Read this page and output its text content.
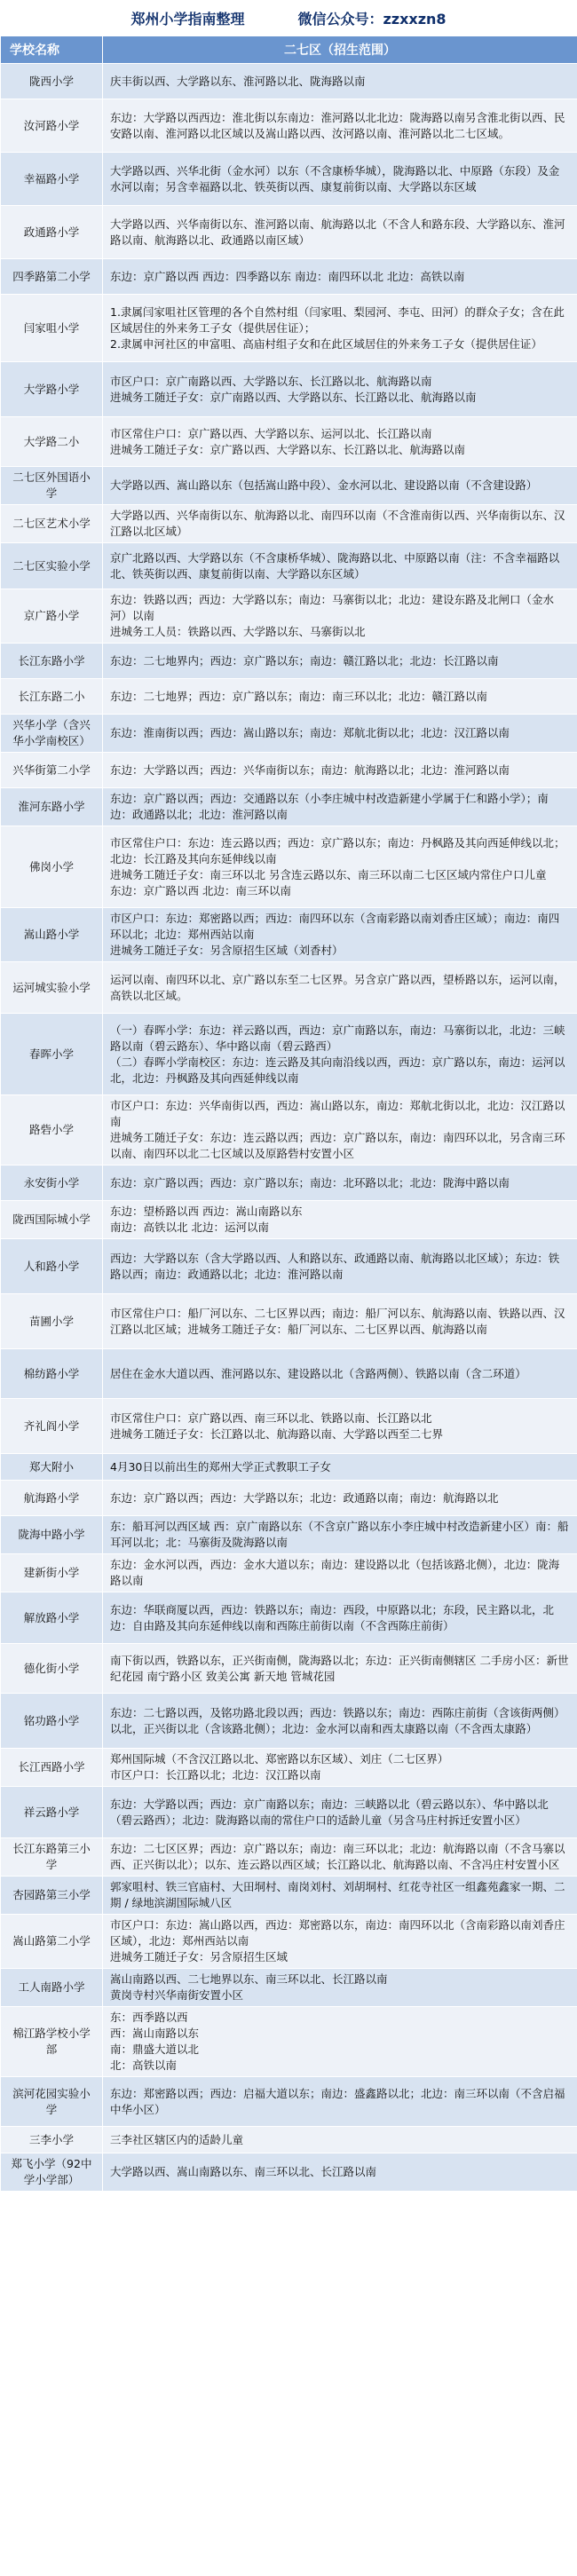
郑州小学指南整理	微信公众号：zzxxzn8
学校名称	二七区（招生范围）
陇西小学	庆丰街以西、大学路以东、淮河路以北、陇海路以南
汝河路小学	东边：大学路以西西边：淮北街以东南边：淮河路以北北边：陇海路以南另含淮北街以西、民安路以南、淮河路以北区域以及嵩山路以西、汝河路以南、淮河路以北二七区域。
幸福路小学	大学路以西、兴华北街（金水河）以东（不含康桥华城），陇海路以北、中原路（东段）及金水河以南；另含幸福路以北、铁英街以西、康复前街以南、大学路以东区域
政通路小学	大学路以西、兴华南街以东、淮河路以南、航海路以北（不含人和路东段、大学路以东、淮河路以南、航海路以北、政通路以南区域）
四季路第二小学	东边：京广路以西 西边：四季路以东 南边：南四环以北 北边：高铁以南
闫家咀小学	1.隶属闫家咀社区管理的各个自然村组（闫家咀、梨园河、李屯、田河）的群众子女；含在此区域居住的外来务工子女（提供居住证）；
2.隶属申河社区的申富咀、高庙村组子女和在此区域居住的外来务工子女（提供居住证）
大学路小学	市区户口：京广南路以西、大学路以东、长江路以北、航海路以南
进城务工随迁子女：京广南路以西、大学路以东、长江路以北、航海路以南
大学路二小	市区常住户口：京广路以西、大学路以东、运河以北、长江路以南
进城务工随迁子女：京广路以西、大学路以东、长江路以北、航海路以南
二七区外国语小学	大学路以西、嵩山路以东（包括嵩山路中段）、金水河以北、建设路以南（不含建设路）
二七区艺术小学	大学路以西、兴华南街以东、航海路以北、南四环以南（不含淮南街以西、兴华南街以东、汉江路以北区域）
二七区实验小学	京广北路以西、大学路以东（不含康桥华城）、陇海路以北、中原路以南（注：不含幸福路以北、铁英街以西、康复前街以南、大学路以东区域）
京广路小学	东边：铁路以西；西边：大学路以东；南边：马寨街以北；北边：建设东路及北闸口（金水河）以南
进城务工人员：铁路以西、大学路以东、马寨街以北
长江东路小学	东边：二七地界内；西边：京广路以东；南边：赣江路以北；北边：长江路以南
长江东路二小	东边：二七地界；西边：京广路以东；南边：南三环以北；北边：赣江路以南
兴华小学（含兴华小学南校区）	东边：淮南街以西；西边：嵩山路以东；南边：郑航北街以北；北边：汉江路以南
兴华街第二小学	东边：大学路以西；西边：兴华南街以东；南边：航海路以北；北边：淮河路以南
淮河东路小学	东边：京广路以西；西边：交通路以东（小李庄城中村改造新建小学属于仁和路小学）；南边：政通路以北；北边：淮河路以南
佛岗小学	市区常住户口：东边：连云路以西；西边：京广路以东；南边：丹枫路及其向西延伸线以北；北边：长江路及其向东延伸线以南
进城务工随迁子女：南三环以北 另含连云路以东、南三环以南二七区区域内常住户口儿童
东边：京广路以西 北边：南三环以南
嵩山路小学	市区户口：东边：郑密路以西；西边：南四环以东（含南彩路以南刘香庄区域）；南边：南四环以北；北边：郑州西站以南
进城务工随迁子女：另含原招生区域（刘香村）
运河城实验小学	运河以南、南四环以北、京广路以东至二七区界。另含京广路以西，望桥路以东，运河以南，高铁以北区域。
春晖小学	（一）春晖小学：东边：祥云路以西，西边：京广南路以东，南边：马寨街以北，北边：三峡路以南（碧云路东）、华中路以南（碧云路西）
（二）春晖小学南校区：东边：连云路及其向南沿线以西，西边：京广路以东，南边：运河以北，北边：丹枫路及其向西延伸线以南
路砦小学	市区户口：东边：兴华南街以西，西边：嵩山路以东，南边：郑航北街以北，北边：汉江路以南
进城务工随迁子女：东边：连云路以西；西边：京广路以东，南边：南四环以北，另含南三环以南、南四环以北二七区域以及原路砦村安置小区
永安街小学	东边：京广路以西；西边：京广路以东；南边：北环路以北；北边：陇海中路以南
陇西国际城小学	东边：望桥路以西 西边：嵩山南路以东
南边：高铁以北 北边：运河以南
人和路小学	西边：大学路以东（含大学路以西、人和路以东、政通路以南、航海路以北区域）；东边：铁路以西；南边：政通路以北；北边：淮河路以南
苗圃小学	市区常住户口：船厂河以东、二七区界以西；南边：船厂河以东、航海路以南、铁路以西、汉江路以北区域；进城务工随迁子女：船厂河以东、二七区界以西、航海路以南
棉纺路小学	居住在金水大道以西、淮河路以东、建设路以北（含路两侧）、铁路以南（含二环道）
齐礼阎小学	市区常住户口：京广路以西、南三环以北、铁路以南、长江路以北
进城务工随迁子女：长江路以北、航海路以南、大学路以西至二七界
郑大附小	4月30日以前出生的郑州大学正式教职工子女
航海路小学	东边：京广路以西；西边：大学路以东；北边：政通路以南；南边：航海路以北
陇海中路小学	东：船耳河以西区域 西：京广南路以东（不含京广路以东小李庄城中村改造新建小区）南：船耳河以北；北：马寨街及陇海路以南
建新街小学	东边：金水河以西，西边：金水大道以东；南边：建设路以北（包括该路北侧），北边：陇海路以南
解放路小学	东边：华联商厦以西，西边：铁路以东；南边：西段，中原路以北；东段，民主路以北，北边：自由路及其向东延伸线以南和西陈庄前街以南（不含西陈庄前街）
德化街小学	南下街以西，铁路以东，正兴街南侧，陇海路以北；东边：正兴街南侧辖区 二手房小区：新世纪花园 南宁路小区 致美公寓 新天地 管城花园
铭功路小学	东边：二七路以西，及铭功路北段以西；西边：铁路以东；南边：西陈庄前街（含该街两侧）以北，正兴街以北（含该路北侧）；北边：金水河以南和西太康路以南（不含西太康路）
长江西路小学	郑州国际城（不含汉江路以北、郑密路以东区域）、刘庄（二七区界）
市区户口：长江路以北；北边：汉江路以南
祥云路小学	东边：大学路以西；西边：京广南路以东；南边：三峡路以北（碧云路以东）、华中路以北（碧云路西）；北边：陇海路以南的常住户口的适龄儿童（另含马庄村拆迁安置小区）
长江东路第三小学	东边：二七区区界；西边：京广路以东；南边：南三环以北；北边：航海路以南（不含马寨以西、正兴街以北）；以东、连云路以西区域；长江路以北、航海路以南、不含冯庄村安置小区
杏园路第三小学	郭家咀村、铁三官庙村、大田垌村、南岗刘村、刘胡垌村、红花寺社区一组鑫苑鑫家一期、二期 / 绿地滨湖国际城八区
嵩山路第二小学	市区户口：东边：嵩山路以西，西边：郑密路以东，南边：南四环以北（含南彩路以南刘香庄区域），北边：郑州西站以南
进城务工随迁子女：另含原招生区域
工人南路小学	嵩山南路以西、二七地界以东、南三环以北、长江路以南
黄岗寺村兴华南街安置小区
棉江路学校小学部	东：西季路以西
西：嵩山南路以东
南：鼎盛大道以北
北：高铁以南
滨河花园实验小学	东边：郑密路以西；西边：启福大道以东；南边：盛鑫路以北；北边：南三环以南（不含启福中华小区）
三李小学	三李社区辖区内的适龄儿童
郑飞小学（92中学小学部）	大学路以西、嵩山南路以东、南三环以北、长江路以南
